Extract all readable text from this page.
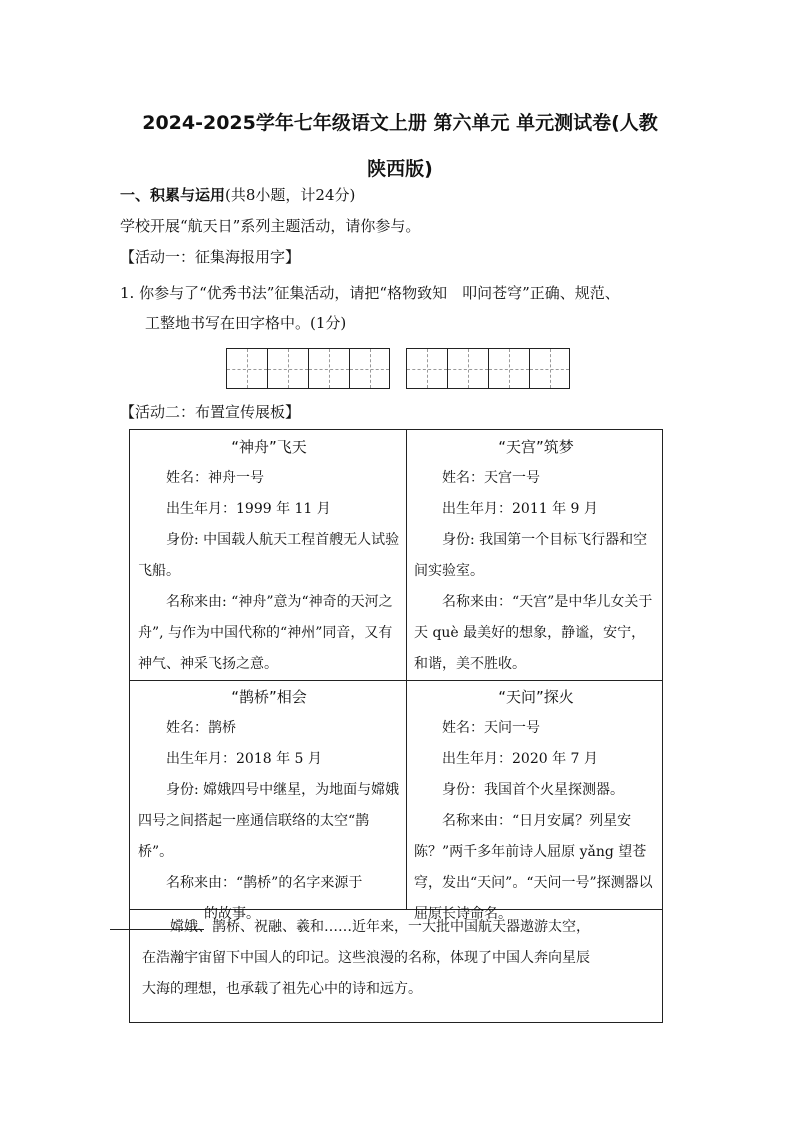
2024-2025学年七年级语文上册 第六单元 单元测试卷(人教
陕西版)
一、积累与运用(共8小题，计24分)
学校开展“航天日”系列主题活动，请你参与。
【活动一：征集海报用字】
1. 你参与了“优秀书法”征集活动，请把“格物致知　叩问苍穹”正确、规范、
工整地书写在田字格中。(1分)
【活动二：布置宣传展板】
“神舟”飞天
姓名：神舟一号
出生年月：1999 年 11 月
身份: 中国载人航天工程首艘无人试验飞船。
名称来由: “神舟”意为“神奇的天河之舟”, 与作为中国代称的“神州”同音，又有神气、神采飞扬之意。
“天宫”筑梦
姓名：天宫一号
出生年月：2011 年 9 月
身份: 我国第一个目标飞行器和空间实验室。
名称来由：“天宫”是中华儿女关于天 què 最美好的想象，静谧，安宁，和谐，美不胜收。
“鹊桥”相会
姓名：鹊桥
出生年月：2018 年 5 月
身份: 嫦娥四号中继星，为地面与嫦娥四号之间搭起一座通信联络的太空“鹊桥”。
名称来由：“鹊桥”的名字来源于
的故事。
“天问”探火
姓名：天问一号
出生年月：2020 年 7 月
身份：我国首个火星探测器。
名称来由：“日月安属？列星安陈？”两千多年前诗人屈原 yǎng 望苍穹，发出“天问”。“天问一号”探测器以屈原长诗命名。
嫦娥、鹊桥、祝融、羲和……近年来，一大批中国航天器遨游太空，
在浩瀚宇宙留下中国人的印记。这些浪漫的名称，体现了中国人奔向星辰
大海的理想，也承载了祖先心中的诗和远方。
